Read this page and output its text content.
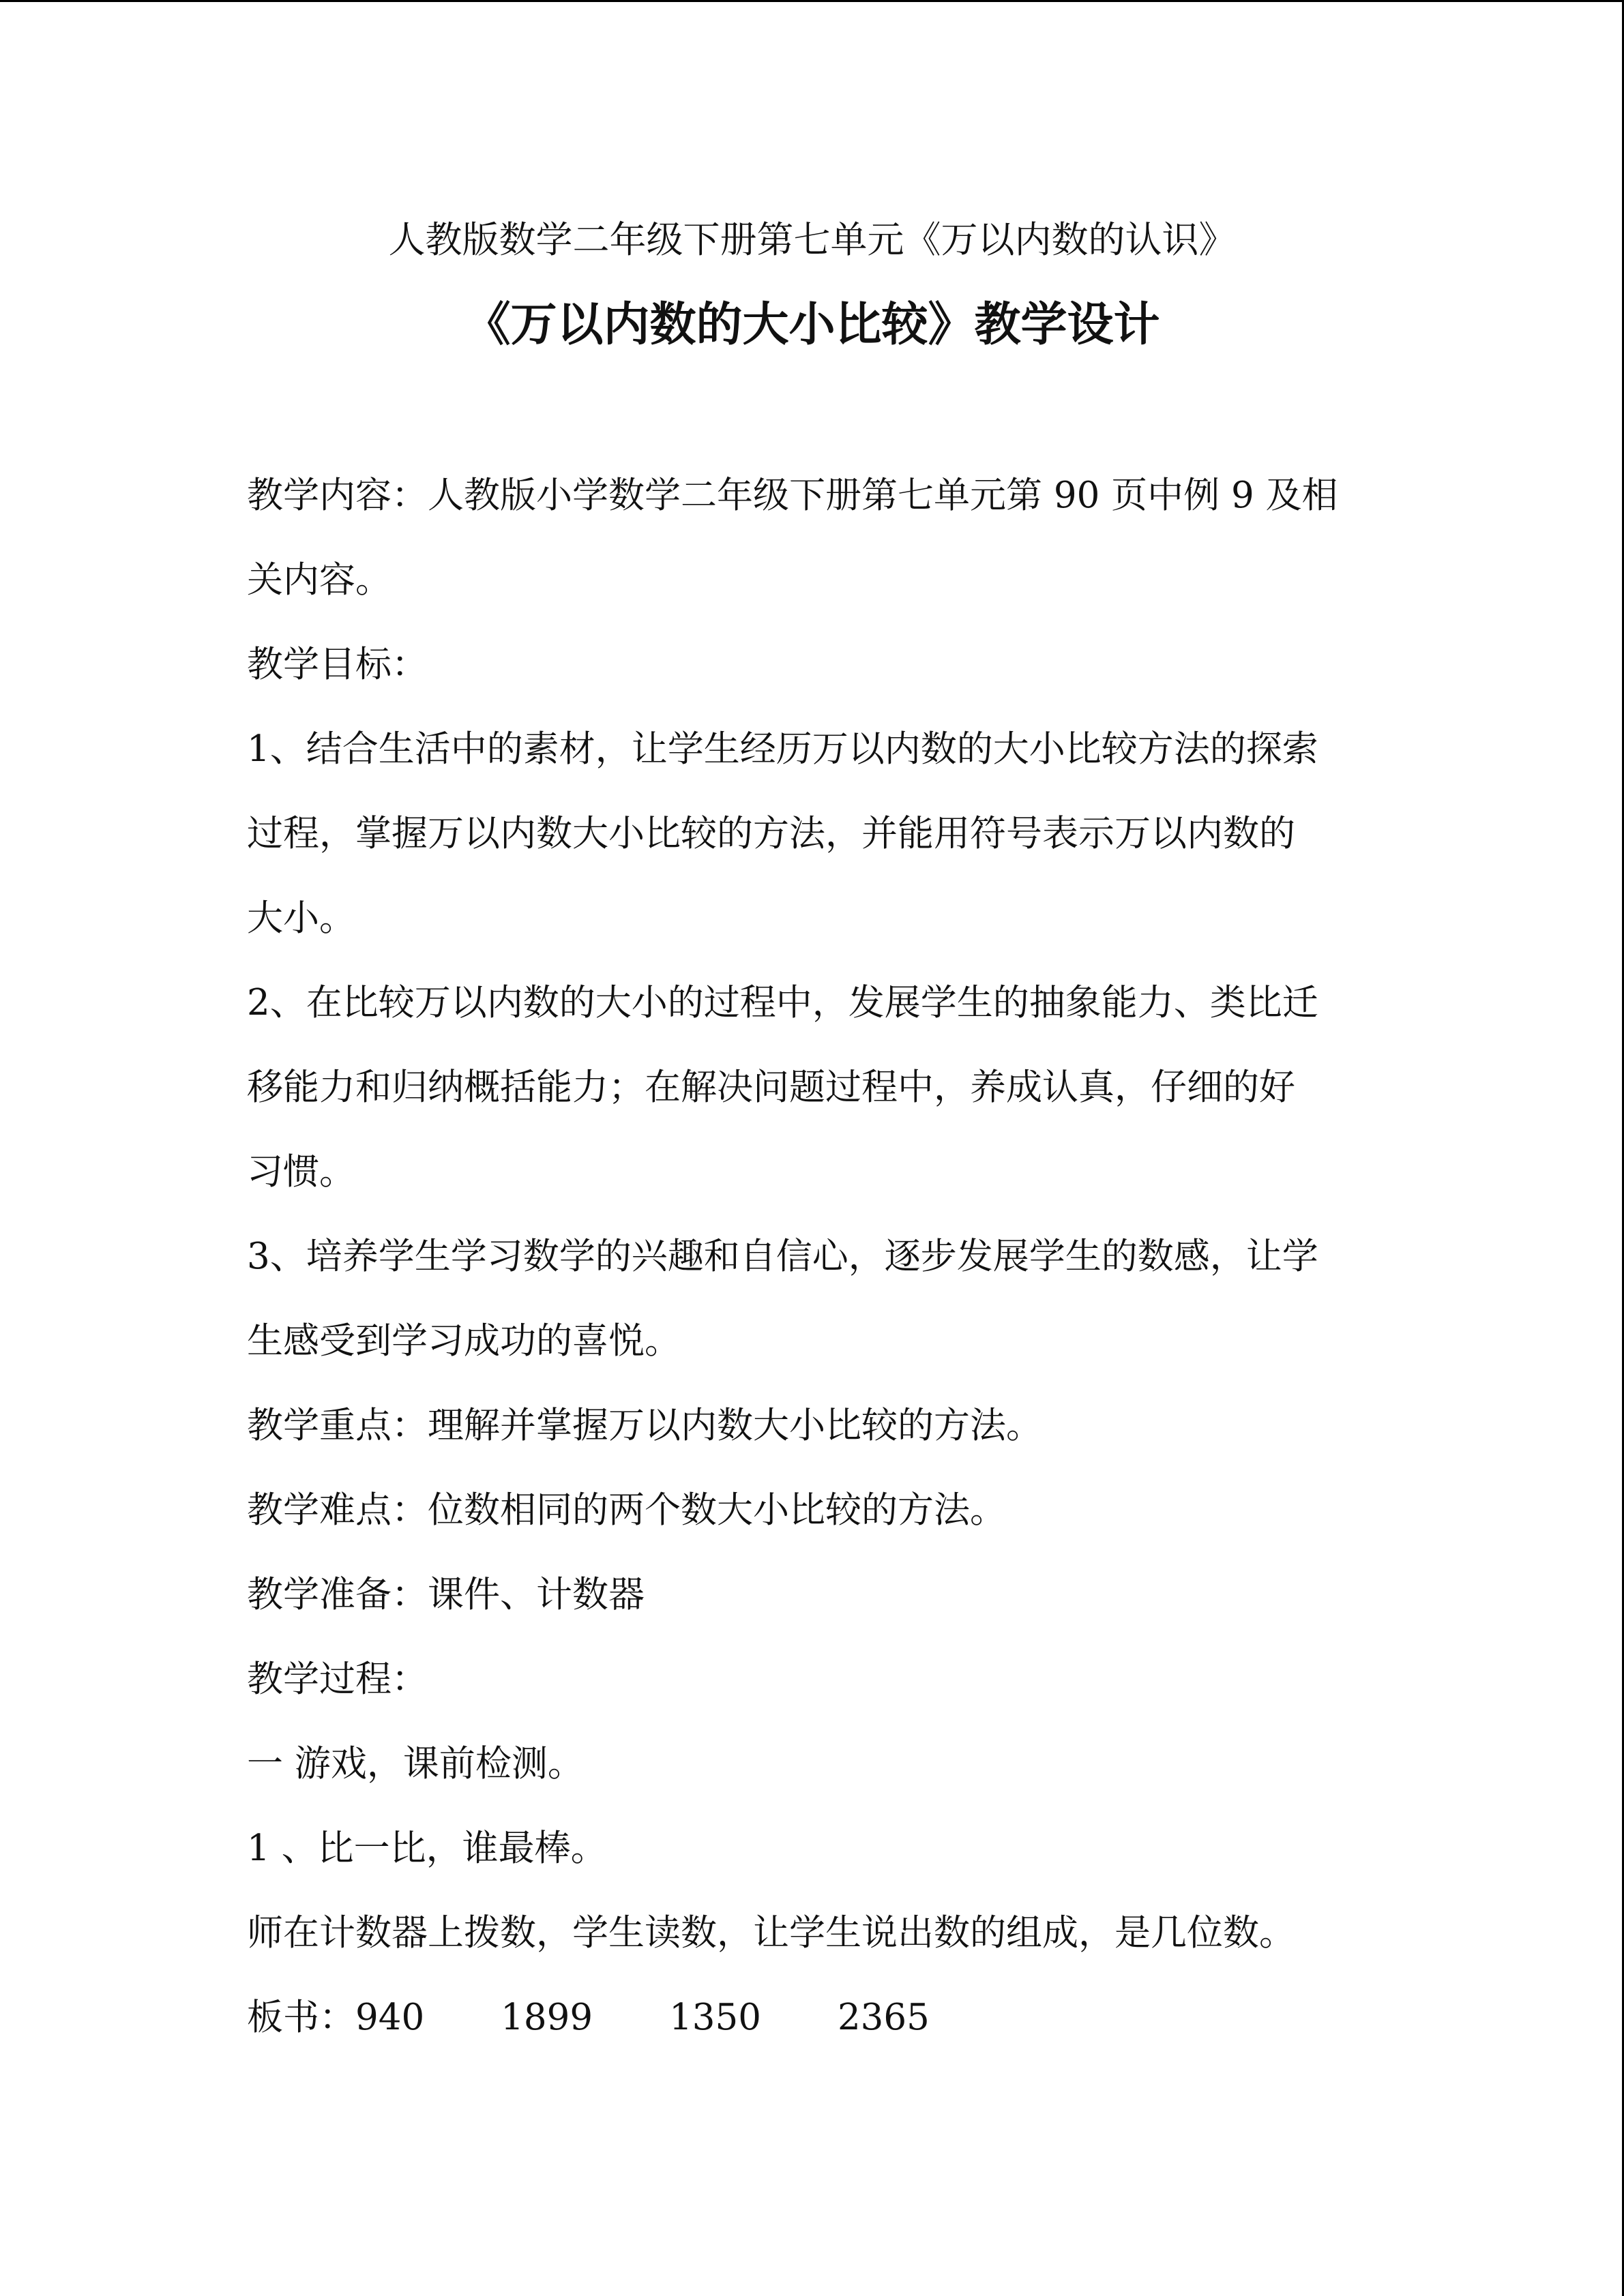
人教版数学二年级下册第七单元《万以内数的认识》
《万以内数的大小比较》教学设计

教学内容：人教版小学数学二年级下册第七单元第 90 页中例 9 及相

关内容。

教学目标：

1、结合生活中的素材，让学生经历万以内数的大小比较方法的探索

过程，掌握万以内数大小比较的方法，并能用符号表示万以内数的

大小。

2、在比较万以内数的大小的过程中，发展学生的抽象能力、类比迁

移能力和归纳概括能力；在解决问题过程中，养成认真，仔细的好

习惯。

3、培养学生学习数学的兴趣和自信心，逐步发展学生的数感，让学

生感受到学习成功的喜悦。

教学重点：理解并掌握万以内数大小比较的方法。

教学难点：位数相同的两个数大小比较的方法。

教学准备：课件、计数器

教学过程：

一 游戏，课前检测。

1 、比一比，谁最棒。

师在计数器上拨数，学生读数，让学生说出数的组成，是几位数。

板书：940 1899 1350 2365
